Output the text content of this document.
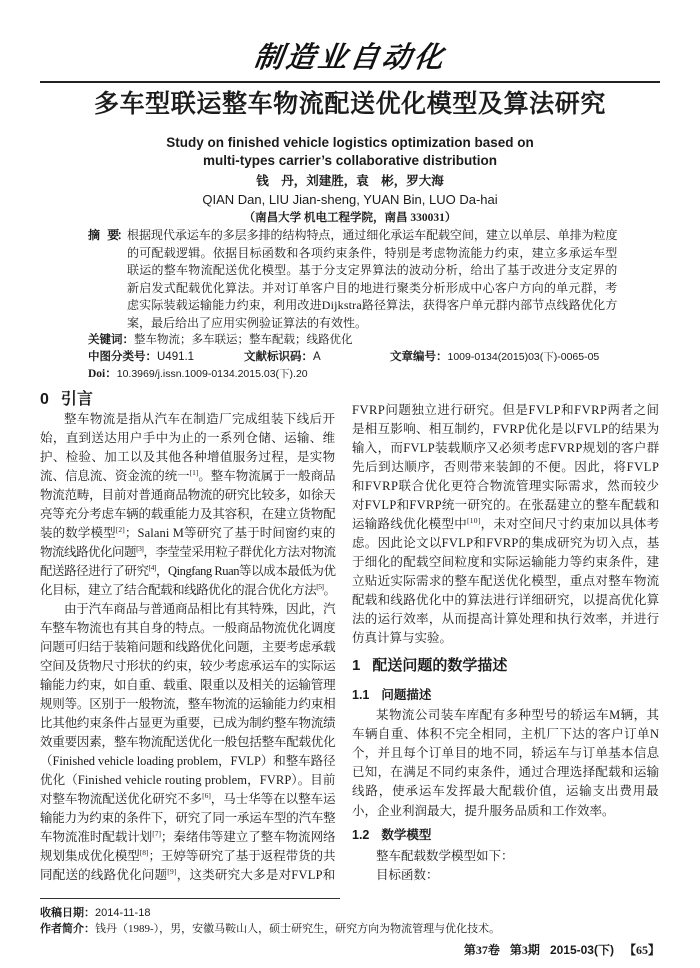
制造业自动化
多车型联运整车物流配送优化模型及算法研究
Study on finished vehicle logistics optimization based on
multi-types carrier’s collaborative distribution
钱　丹，刘建胜，袁　彬，罗大海
QIAN Dan, LIU Jian-sheng, YUAN Bin, LUO Da-hai
（南昌大学 机电工程学院，南昌 330031）
摘　要： 根据现代承运车的多层多排的结构特点，通过细化承运车配载空间，建立以单层、单排为粒度
的可配载逻辑。依据目标函数和各项约束条件，特别是考虑物流能力约束，建立多承运车型
联运的整车物流配送优化模型。基于分支定界算法的波动分析，给出了基于改进分支定界的
新启发式配载优化算法。并对订单客户目的地进行聚类分析形成中心客户方向的单元群，考
虑实际装载运输能力约束，利用改进Dijkstra路径算法，获得客户单元群内部节点线路优化方
案，最后给出了应用实例验证算法的有效性。
关键词：整车物流；多车联运；整车配载；线路优化
中图分类号：U491.1	文献标识码：A	文章编号：1009-0134(2015)03(下)-0065-05
Doi：10.3969/j.issn.1009-0134.2015.03(下).20
0 引言
整车物流是指从汽车在制造厂完成组装下线后开
始，直到送达用户手中为止的一系列仓储、运输、维
护、检验、加工以及其他各种增值服务过程，是实物
流、信息流、资金流的统一[1]。整车物流属于一般商品
物流范畴，目前对普通商品物流的研究比较多，如徐天
亮等充分考虑车辆的载重能力及其容积，在建立货物配
装的数学模型[2]；Salani M等研究了基于时间窗约束的
物流线路优化问题[3]，李莹莹采用粒子群优化方法对物流
配送路径进行了研究[4]，Qingfang Ruan等以成本最低为优
化目标，建立了结合配载和线路优化的混合优化方法[5]。
由于汽车商品与普通商品相比有其特殊，因此，汽
车整车物流也有其自身的特点。一般商品物流优化调度
问题可归结于装箱问题和线路优化问题，主要考虑承载
空间及货物尺寸形状的约束，较少考虑承运车的实际运
输能力约束，如自重、载重、限重以及相关的运输管理
规则等。区别于一般物流，整车物流的运输能力约束相
比其他约束条件占显更为重要，已成为制约整车物流绩
效重要因素，整车物流配送优化一般包括整车配载优化
（Finished vehicle loading problem，FVLP）和整车路径
优化（Finished vehicle routing problem，FVRP）。目前
对整车物流配送优化研究不多[6]，马士华等在以整车运
输能力为约束的条件下，研究了同一承运车型的汽车整
车物流准时配载计划[7]；秦绪伟等建立了整车物流网络
规划集成优化模型[8]；王婷等研究了基于返程带货的共
同配送的线路优化问题[9]，这类研究大多是对FVLP和
FVRP问题独立进行研究。但是FVLP和FVRP两者之间
是相互影响、相互制约，FVRP优化是以FVLP的结果为
输入，而FVLP装载顺序又必须考虑FVRP规划的客户群
先后到达顺序，否则带来装卸的不便。因此，将FVLP
和FVRP联合优化更符合物流管理实际需求，然而较少
对FVLP和FVRP统一研究的。在张磊建立的整车配载和
运输路线优化模型中[10]，未对空间尺寸约束加以具体考
虑。因此论文以FVLP和FVRP的集成研究为切入点，基
于细化的配载空间粒度和实际运输能力等约束条件，建
立贴近实际需求的整车配送优化模型，重点对整车物流
配载和线路优化中的算法进行详细研究，以提高优化算
法的运行效率，从而提高计算处理和执行效率，并进行
仿真计算与实验。
1 配送问题的数学描述
1.1 问题描述
某物流公司装车库配有多种型号的轿运车M辆，其
车辆自重、体积不完全相同，主机厂下达的客户订单N
个，并且每个订单目的地不同，轿运车与订单基本信息
已知，在满足不同约束条件，通过合理选择配载和运输
线路，使承运车发挥最大配载价值，运输支出费用最
小，企业利润最大，提升服务品质和工作效率。
1.2 数学模型
整车配载数学模型如下：
目标函数：
收稿日期：2014-11-18
作者简介：钱丹（1989-），男，安徽马鞍山人，硕士研究生，研究方向为物流管理与优化技术。
第37卷 第3期 2015-03(下) 【65】
